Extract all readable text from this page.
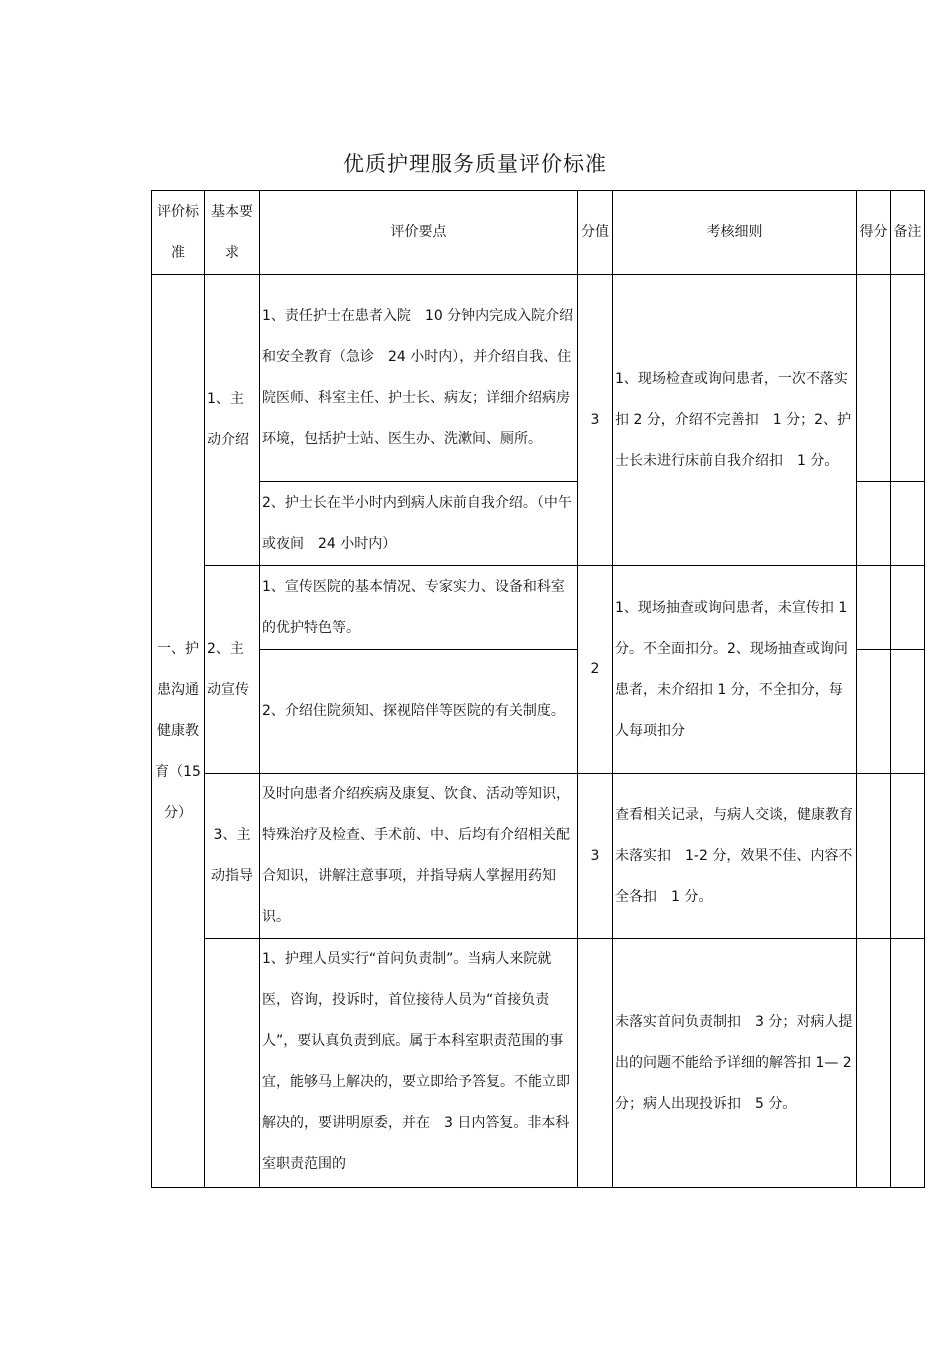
优质护理服务质量评价标准
评价标准	基本要求	评价要点	分值	考核细则	得分	备注
一、护患沟通健康教育（15分）	1、主动介绍	1、责任护士在患者入院　10 分钟内完成入院介绍和安全教育（急诊　24 小时内），并介绍自我、住院医师、科室主任、护士长、病友；详细介绍病房环境，包括护士站、医生办、洗漱间、厕所。	3	1、现场检查或询问患者，一次不落实扣 2 分，介绍不完善扣　1 分；2、护士长未进行床前自我介绍扣　1 分。		
		2、护士长在半小时内到病人床前自我介绍。（中午或夜间　24 小时内）				
	2、主动宣传	1、宣传医院的基本情况、专家实力、设备和科室的优护特色等。	2	1、现场抽查或询问患者，未宣传扣 1 分。不全面扣分。2、现场抽查或询问患者，未介绍扣 1 分，不全扣分，每人每项扣分		
		2、介绍住院须知、探视陪伴等医院的有关制度。				
	3、主动指导	及时向患者介绍疾病及康复、饮食、活动等知识，特殊治疗及检查、手术前、中、后均有介绍相关配合知识，讲解注意事项，并指导病人掌握用药知识。	3	查看相关记录，与病人交谈，健康教育未落实扣　1-2 分，效果不佳、内容不全各扣　1 分。		
		1、护理人员实行“首问负责制”。当病人来院就医，咨询，投诉时，首位接待人员为“首接负责人”，要认真负责到底。属于本科室职责范围的事宜，能够马上解决的，要立即给予答复。不能立即解决的，要讲明原委，并在　3 日内答复。非本科室职责范围的		未落实首问负责制扣　3 分；对病人提出的问题不能给予详细的解答扣 1— 2 分；病人出现投诉扣　5 分。		
